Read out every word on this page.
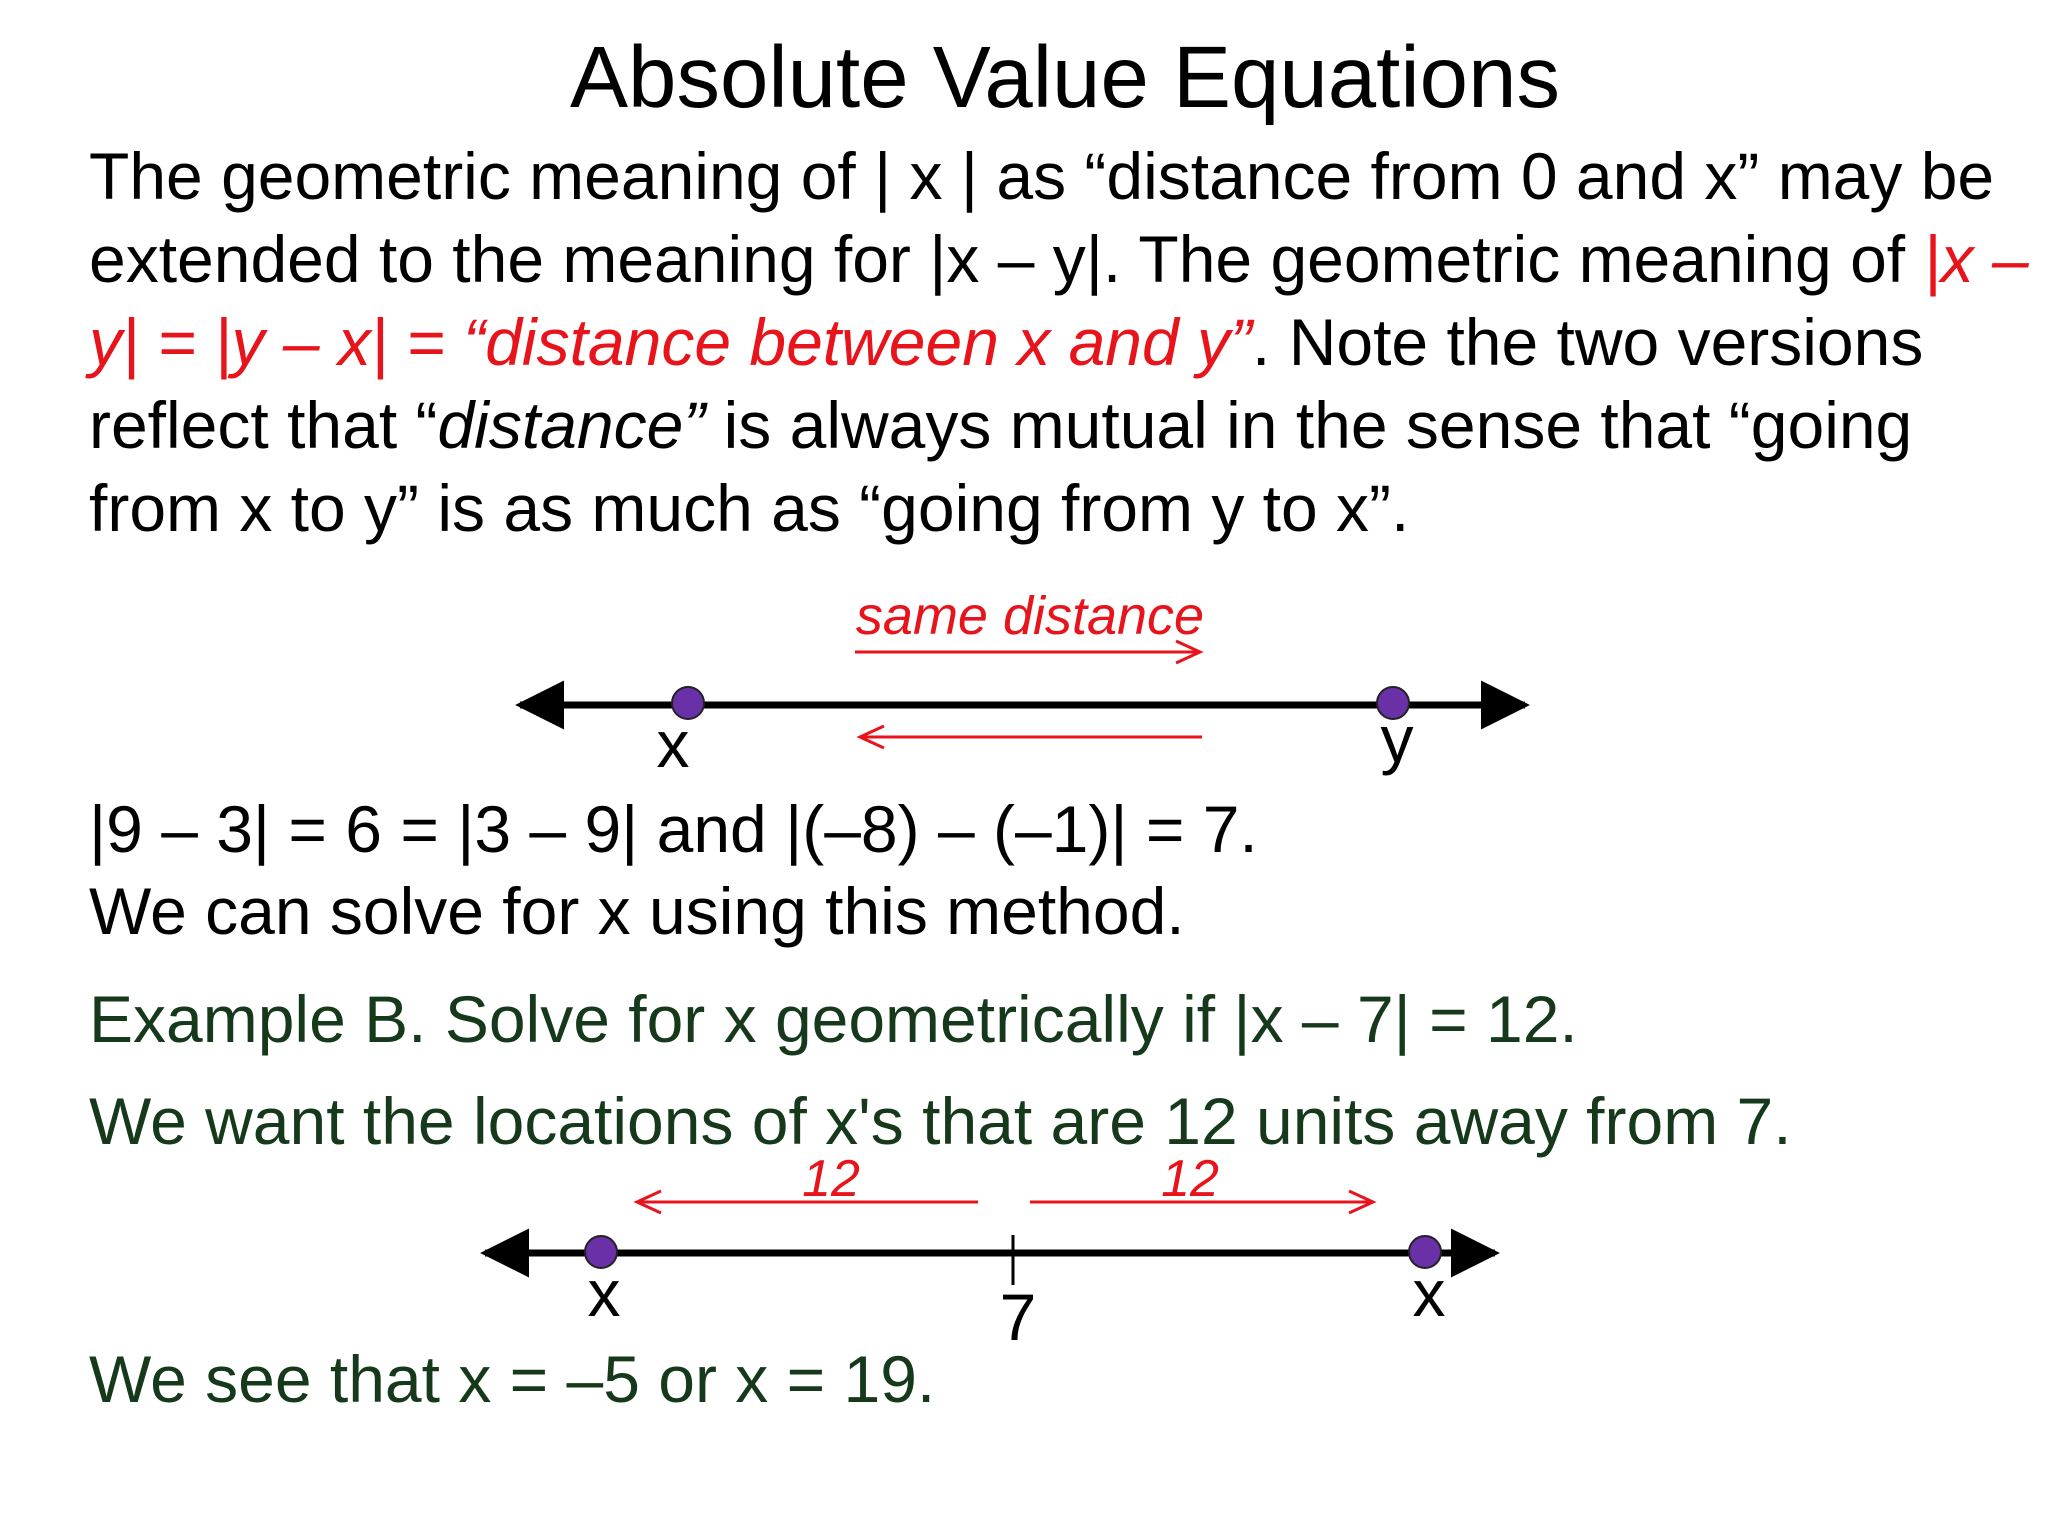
Absolute Value Equations

The geometric meaning of | x | as “distance from 0 and x” may be extended to the meaning for |x – y|. The geometric meaning of |x – y| = |y – x| = “distance between x and y”. Note the two versions reflect that “distance” is always mutual in the sense that “going from x to y” is as much as “going from y to x”.

same distance
x	y

|9 – 3| = 6 = |3 – 9| and |(–8) – (–1)| = 7.

We can solve for x using this method.

Example B. Solve for x geometrically if |x – 7| = 12.

We want the locations of x's that are 12 units away from 7.

12	12
x	7	x

We see that x = –5 or x = 19.
